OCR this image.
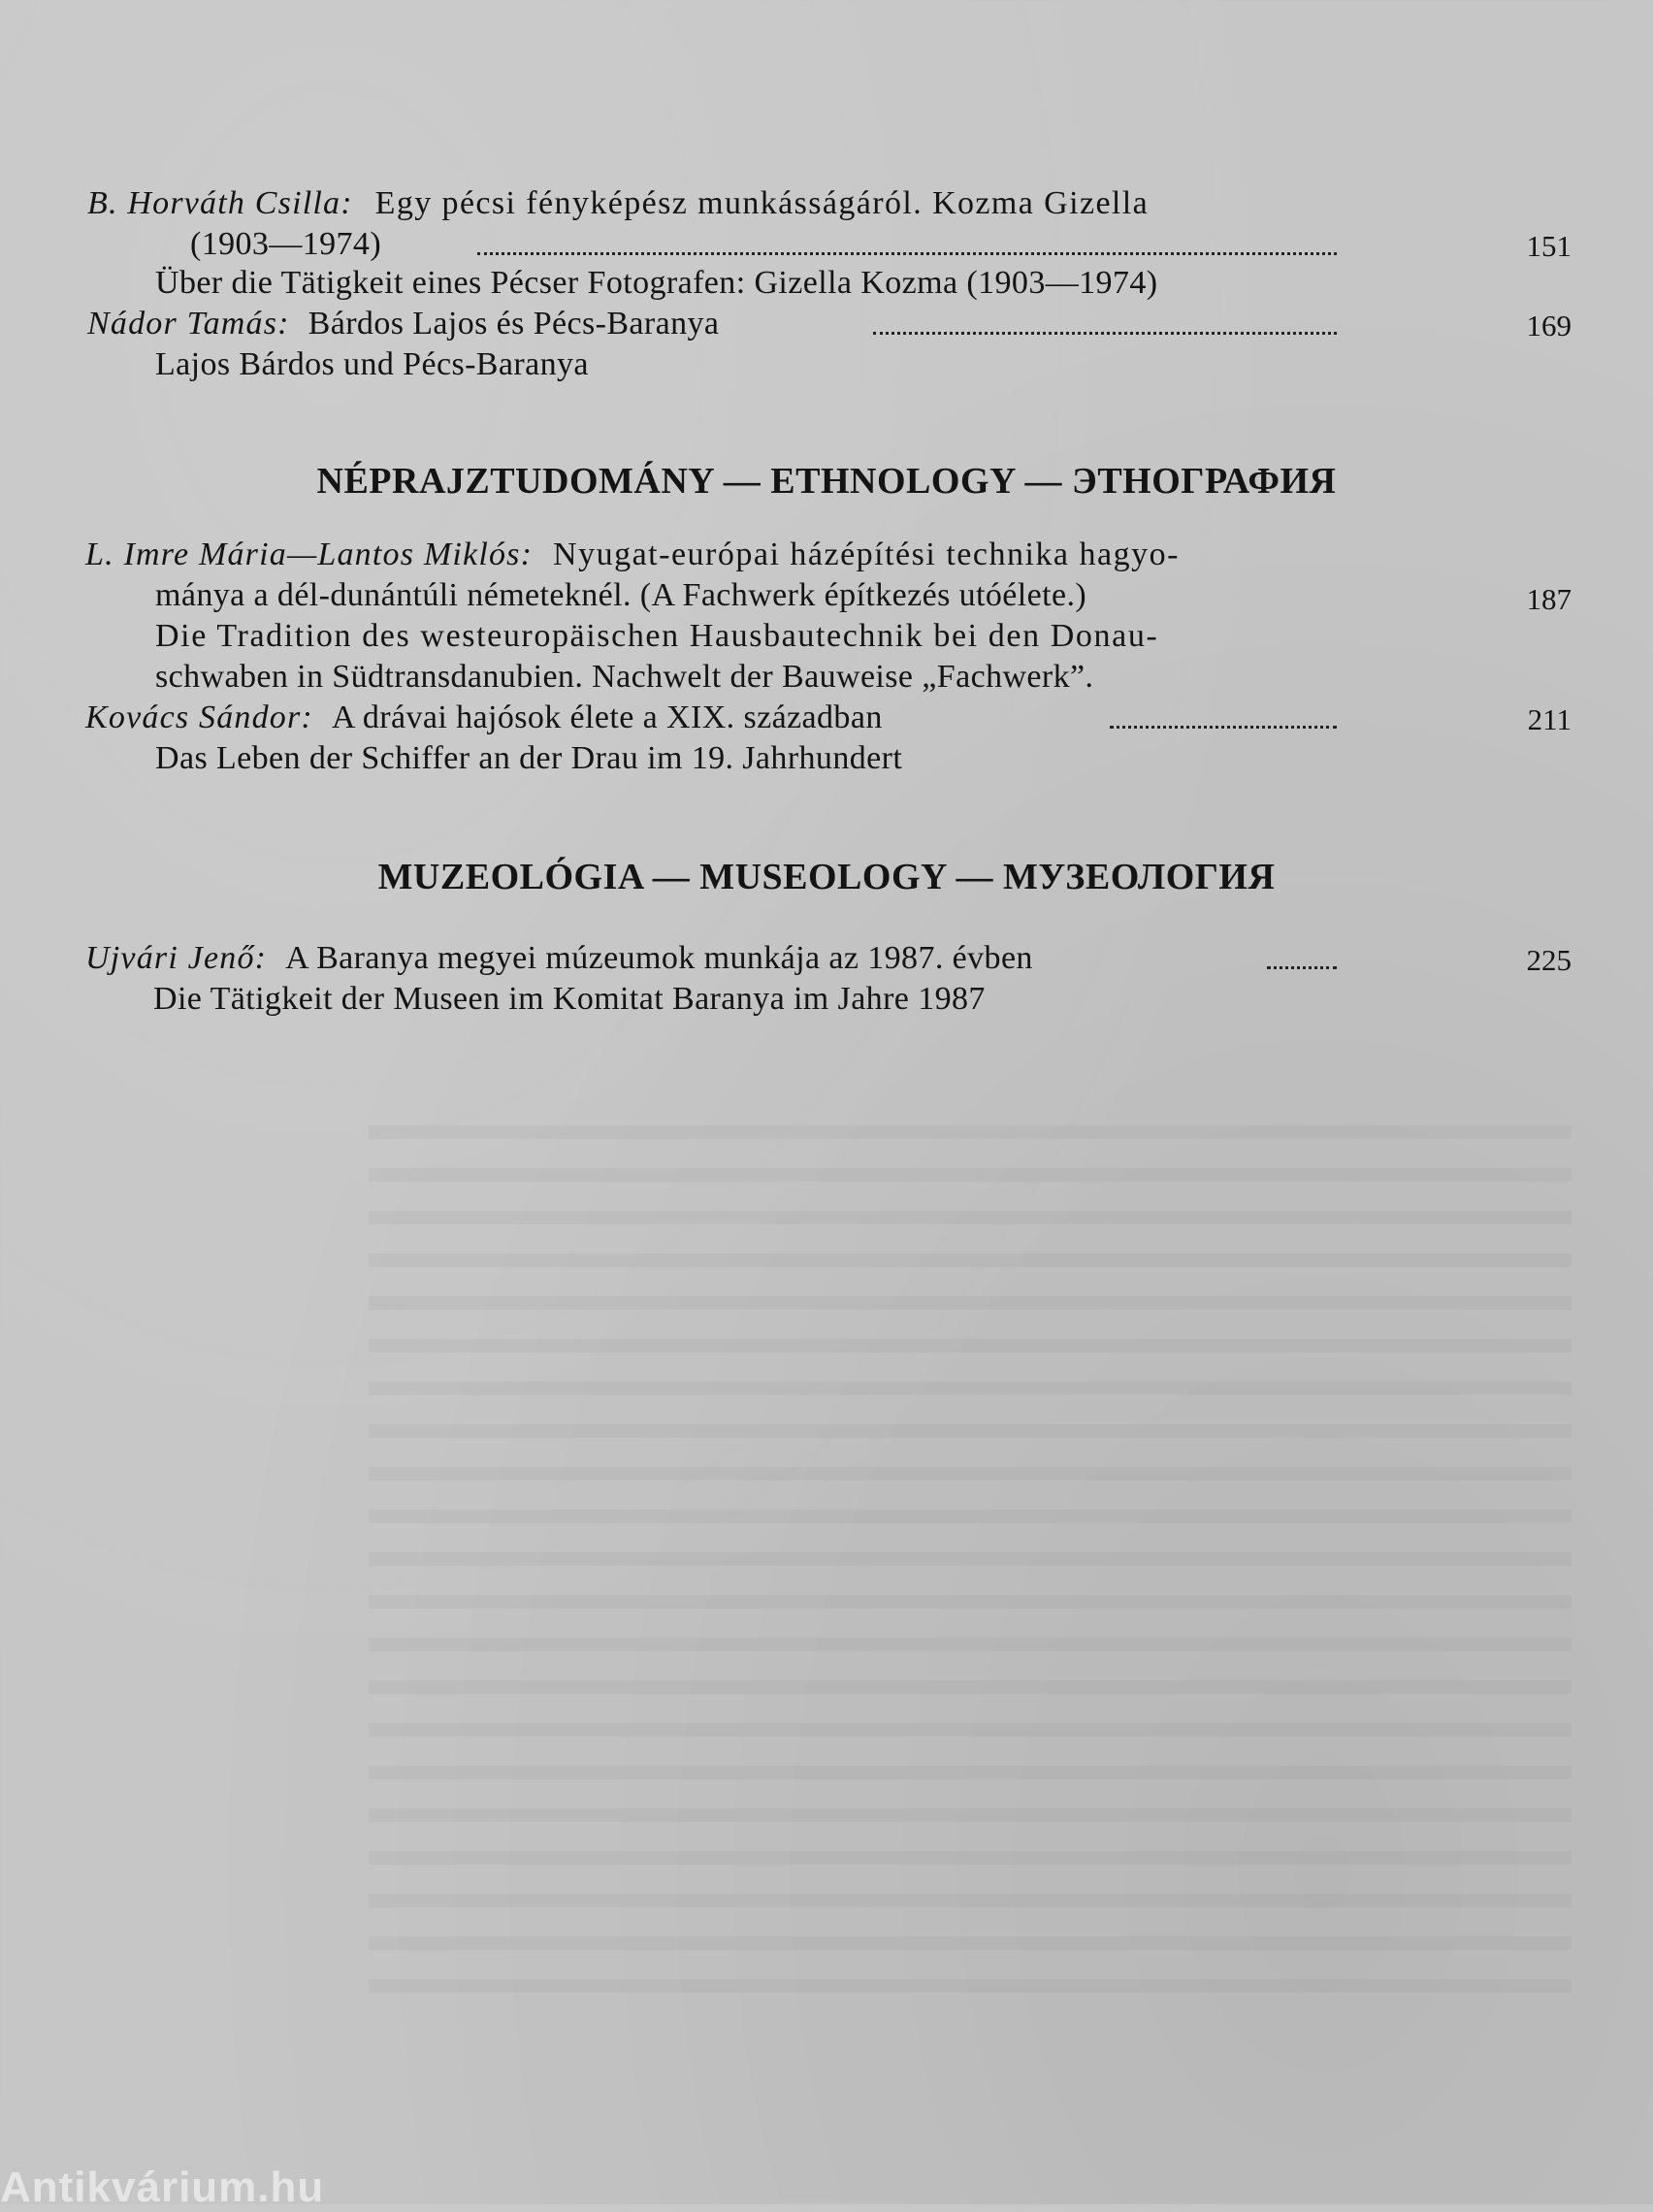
B. Horváth Csilla: Egy pécsi fényképész munkásságáról. Kozma Gizella
(1903—1974)	151
Über die Tätigkeit eines Pécser Fotografen: Gizella Kozma (1903—1974)
Nádor Tamás: Bárdos Lajos és Pécs-Baranya	169
Lajos Bárdos und Pécs-Baranya
NÉPRAJZTUDOMÁNY — ETHNOLOGY — ЭТНОГРАФИЯ
L. Imre Mária—Lantos Miklós: Nyugat-európai házépítési technika hagyo-
mánya a dél-dunántúli németeknél. (A Fachwerk építkezés utóélete.)	187
Die Tradition des westeuropäischen Hausbautechnik bei den Donau-
schwaben in Südtransdanubien. Nachwelt der Bauweise „Fachwerk”.
Kovács Sándor: A drávai hajósok élete a XIX. században	211
Das Leben der Schiffer an der Drau im 19. Jahrhundert
MUZEOLÓGIA — MUSEOLOGY — МУЗЕОЛОГИЯ
Ujvári Jenő: A Baranya megyei múzeumok munkája az 1987. évben	225
Die Tätigkeit der Museen im Komitat Baranya im Jahre 1987
Antikvárium.hu
